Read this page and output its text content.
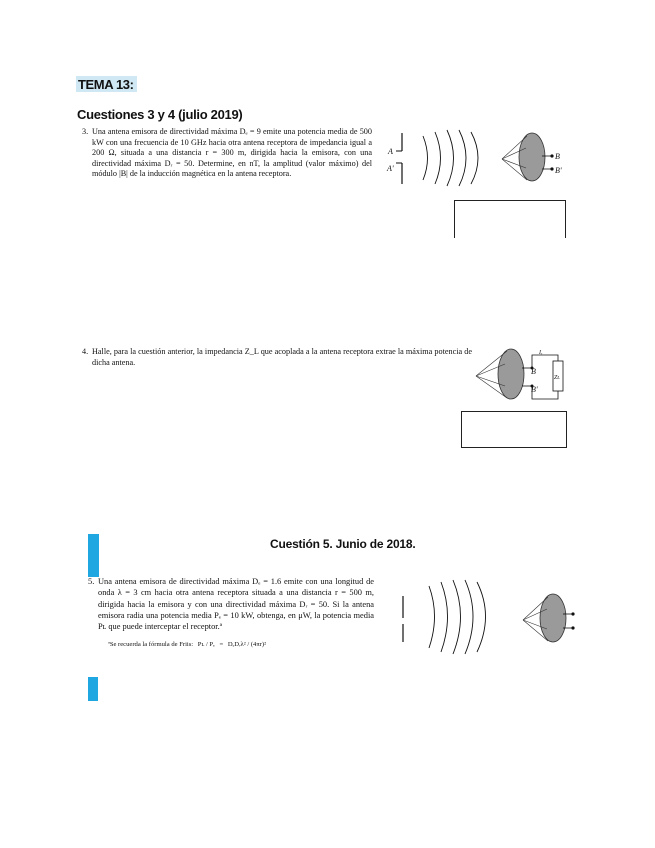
TEMA 13:
Cuestiones 3 y 4 (julio 2019)
3. Una antena emisora de directividad máxima Dₑ = 9 emite una potencia media de 500 kW con una frecuencia de 10 GHz hacia otra antena receptora de impedancia igual a 200 Ω, situada a una distancia r = 300 m, dirigida hacia la emisora, con una directividad máxima Dᵣ = 50. Determine, en nT, la amplitud (valor máximo) del módulo |B| de la inducción magnética en la antena receptora.
A
A'
B
B'
4. Halle, para la cuestión anterior, la impedancia Z_L que acoplada a la antena receptora extrae la máxima potencia de dicha antena.
B
B'
Iᵣ
Zʟ
Cuestión 5. Junio de 2018.
5. Una antena emisora de directividad máxima Dₑ = 1.6 emite con una longitud de onda λ = 3 cm hacia otra antena receptora situada a una distancia r = 500 m, dirigida hacia la emisora y con una directividad máxima Dᵣ = 50. Si la antena emisora radia una potencia media Pₑ = 10 kW, obtenga, en μW, la potencia media Pʟ que puede interceptar el receptor.ª
ªSe recuerda la fórmula de Friis: Pʟ / Pₑ = DₑDᵣλ² / (4πr)²
